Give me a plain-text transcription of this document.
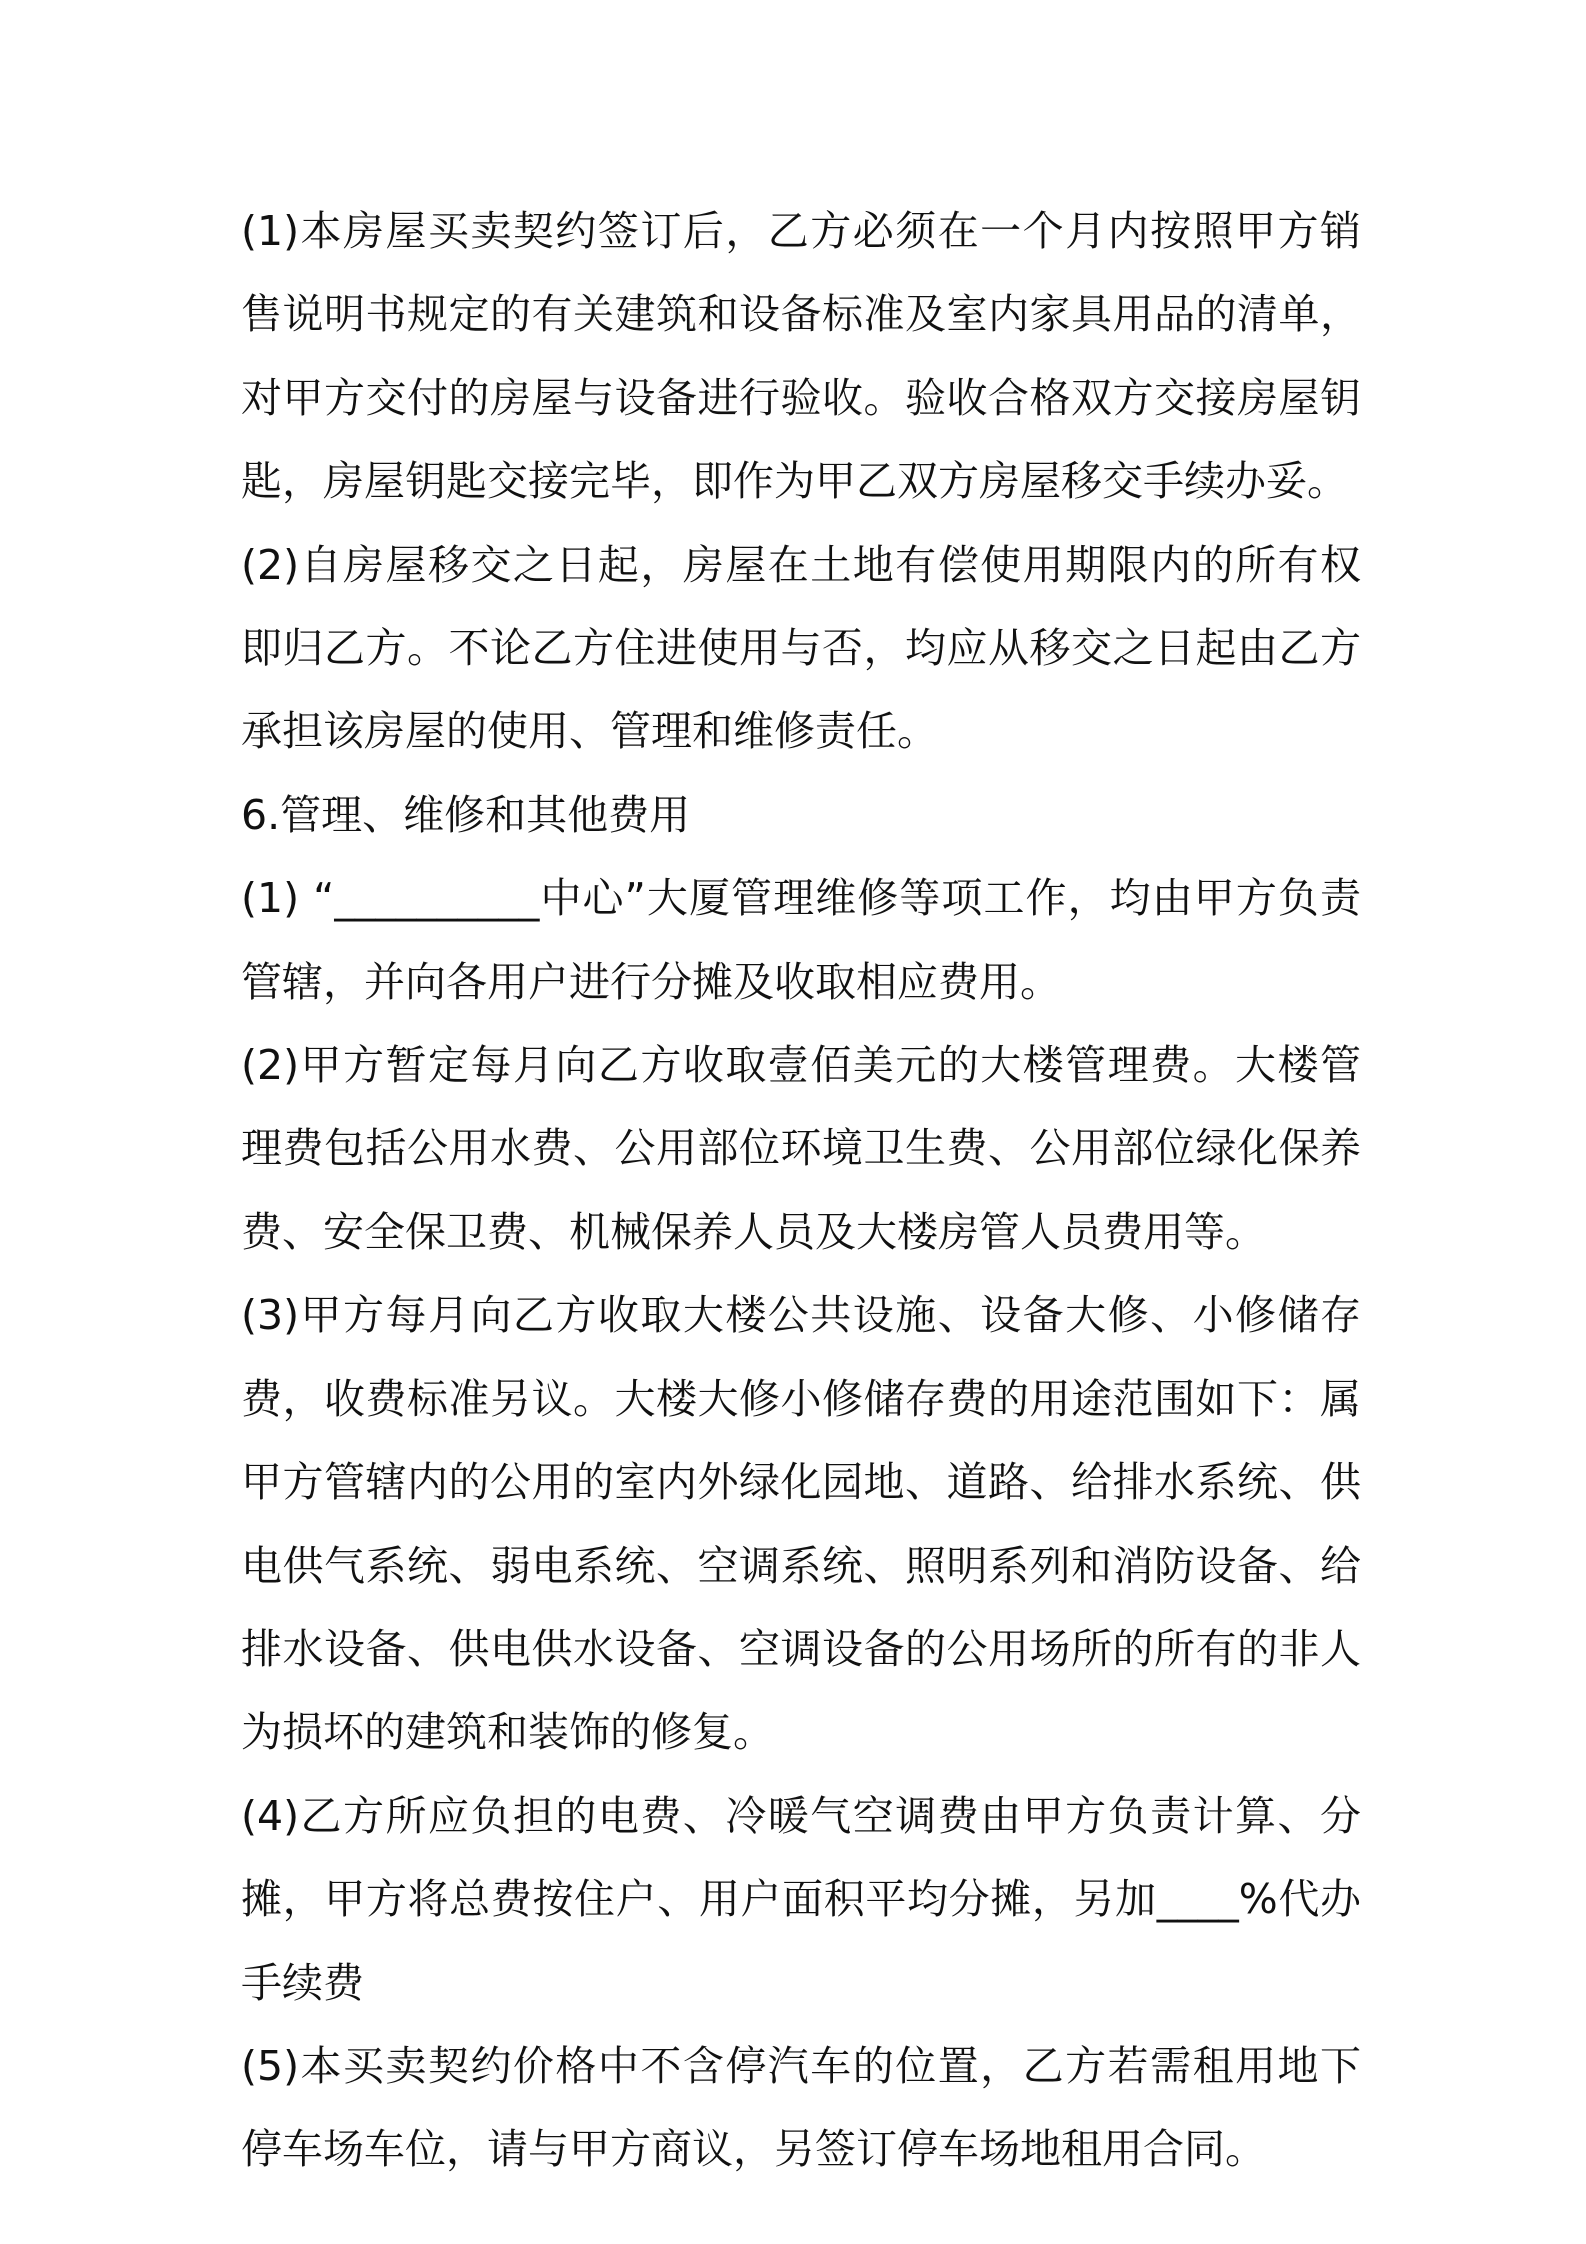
(1)本房屋买卖契约签订后，乙方必须在一个月内按照甲方销售说明书规定的有关建筑和设备标准及室内家具用品的清单，对甲方交付的房屋与设备进行验收。验收合格双方交接房屋钥匙，房屋钥匙交接完毕，即作为甲乙双方房屋移交手续办妥。

(2)自房屋移交之日起，房屋在土地有偿使用期限内的所有权即归乙方。不论乙方住进使用与否，均应从移交之日起由乙方承担该房屋的使用、管理和维修责任。

6.管理、维修和其他费用

(1) “__________中心”大厦管理维修等项工作，均由甲方负责管辖，并向各用户进行分摊及收取相应费用。

(2)甲方暂定每月向乙方收取壹佰美元的大楼管理费。大楼管理费包括公用水费、公用部位环境卫生费、公用部位绿化保养费、安全保卫费、机械保养人员及大楼房管人员费用等。

(3)甲方每月向乙方收取大楼公共设施、设备大修、小修储存费，收费标准另议。大楼大修小修储存费的用途范围如下：属甲方管辖内的公用的室内外绿化园地、道路、给排水系统、供电供气系统、弱电系统、空调系统、照明系列和消防设备、给排水设备、供电供水设备、空调设备的公用场所的所有的非人为损坏的建筑和装饰的修复。

(4)乙方所应负担的电费、冷暖气空调费由甲方负责计算、分摊，甲方将总费按住户、用户面积平均分摊，另加____%代办手续费

(5)本买卖契约价格中不含停汽车的位置，乙方若需租用地下停车场车位，请与甲方商议，另签订停车场地租用合同。
